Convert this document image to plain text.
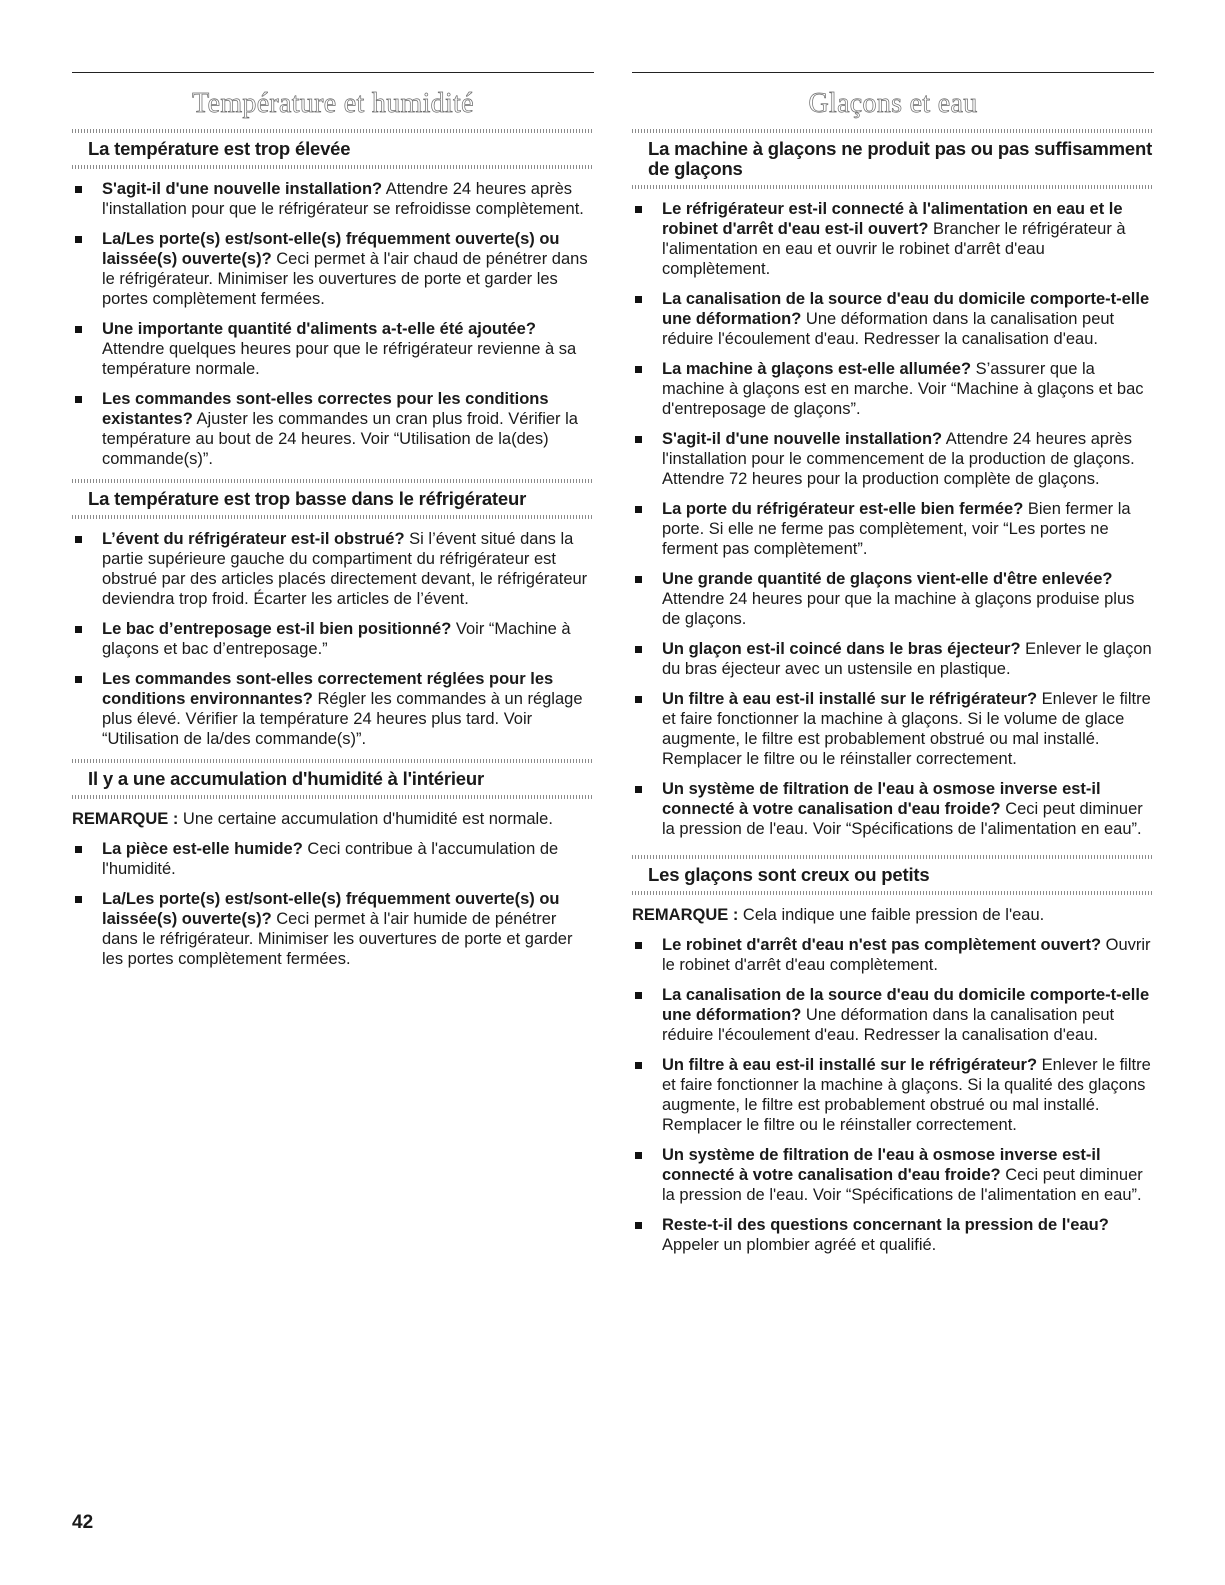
Température et humidité
La température est trop élevée
S'agit-il d'une nouvelle installation? Attendre 24 heures après l'installation pour que le réfrigérateur se refroidisse complètement.
La/Les porte(s) est/sont-elle(s) fréquemment ouverte(s) ou laissée(s) ouverte(s)? Ceci permet à l'air chaud de pénétrer dans le réfrigérateur. Minimiser les ouvertures de porte et garder les portes complètement fermées.
Une importante quantité d'aliments a-t-elle été ajoutée? Attendre quelques heures pour que le réfrigérateur revienne à sa température normale.
Les commandes sont-elles correctes pour les conditions existantes? Ajuster les commandes un cran plus froid. Vérifier la température au bout de 24 heures. Voir “Utilisation de la(des) commande(s)”.
La température est trop basse dans le réfrigérateur
L’évent du réfrigérateur est-il obstrué? Si l’évent situé dans la partie supérieure gauche du compartiment du réfrigérateur est obstrué par des articles placés directement devant, le réfrigérateur deviendra trop froid. Écarter les articles de l’évent.
Le bac d’entreposage est-il bien positionné? Voir “Machine à glaçons et bac d’entreposage.”
Les commandes sont-elles correctement réglées pour les conditions environnantes? Régler les commandes à un réglage plus élevé. Vérifier la température 24 heures plus tard. Voir “Utilisation de la/des commande(s)”.
Il y a une accumulation d'humidité à l'intérieur
REMARQUE : Une certaine accumulation d'humidité est normale.
La pièce est-elle humide? Ceci contribue à l'accumulation de l'humidité.
La/Les porte(s) est/sont-elle(s) fréquemment ouverte(s) ou laissée(s) ouverte(s)? Ceci permet à l'air humide de pénétrer dans le réfrigérateur. Minimiser les ouvertures de porte et garder les portes complètement fermées.
Glaçons et eau
La machine à glaçons ne produit pas ou pas suffisamment de glaçons
Le réfrigérateur est-il connecté à l'alimentation en eau et le robinet d'arrêt d'eau est-il ouvert? Brancher le réfrigérateur à l'alimentation en eau et ouvrir le robinet d'arrêt d'eau complètement.
La canalisation de la source d'eau du domicile comporte-t-elle une déformation? Une déformation dans la canalisation peut réduire l'écoulement d'eau. Redresser la canalisation d'eau.
La machine à glaçons est-elle allumée? S’assurer que la machine à glaçons est en marche. Voir “Machine à glaçons et bac d'entreposage de glaçons”.
S'agit-il d'une nouvelle installation? Attendre 24 heures après l'installation pour le commencement de la production de glaçons. Attendre 72 heures pour la production complète de glaçons.
La porte du réfrigérateur est-elle bien fermée? Bien fermer la porte. Si elle ne ferme pas complètement, voir “Les portes ne ferment pas complètement”.
Une grande quantité de glaçons vient-elle d'être enlevée? Attendre 24 heures pour que la machine à glaçons produise plus de glaçons.
Un glaçon est-il coincé dans le bras éjecteur? Enlever le glaçon du bras éjecteur avec un ustensile en plastique.
Un filtre à eau est-il installé sur le réfrigérateur? Enlever le filtre et faire fonctionner la machine à glaçons. Si le volume de glace augmente, le filtre est probablement obstrué ou mal installé. Remplacer le filtre ou le réinstaller correctement.
Un système de filtration de l'eau à osmose inverse est-il connecté à votre canalisation d'eau froide? Ceci peut diminuer la pression de l'eau. Voir “Spécifications de l'alimentation en eau”.
Les glaçons sont creux ou petits
REMARQUE : Cela indique une faible pression de l'eau.
Le robinet d'arrêt d'eau n'est pas complètement ouvert? Ouvrir le robinet d'arrêt d'eau complètement.
La canalisation de la source d'eau du domicile comporte-t-elle une déformation? Une déformation dans la canalisation peut réduire l'écoulement d'eau. Redresser la canalisation d'eau.
Un filtre à eau est-il installé sur le réfrigérateur? Enlever le filtre et faire fonctionner la machine à glaçons. Si la qualité des glaçons augmente, le filtre est probablement obstrué ou mal installé. Remplacer le filtre ou le réinstaller correctement.
Un système de filtration de l'eau à osmose inverse est-il connecté à votre canalisation d'eau froide? Ceci peut diminuer la pression de l'eau. Voir “Spécifications de l'alimentation en eau”.
Reste-t-il des questions concernant la pression de l'eau? Appeler un plombier agréé et qualifié.
42
